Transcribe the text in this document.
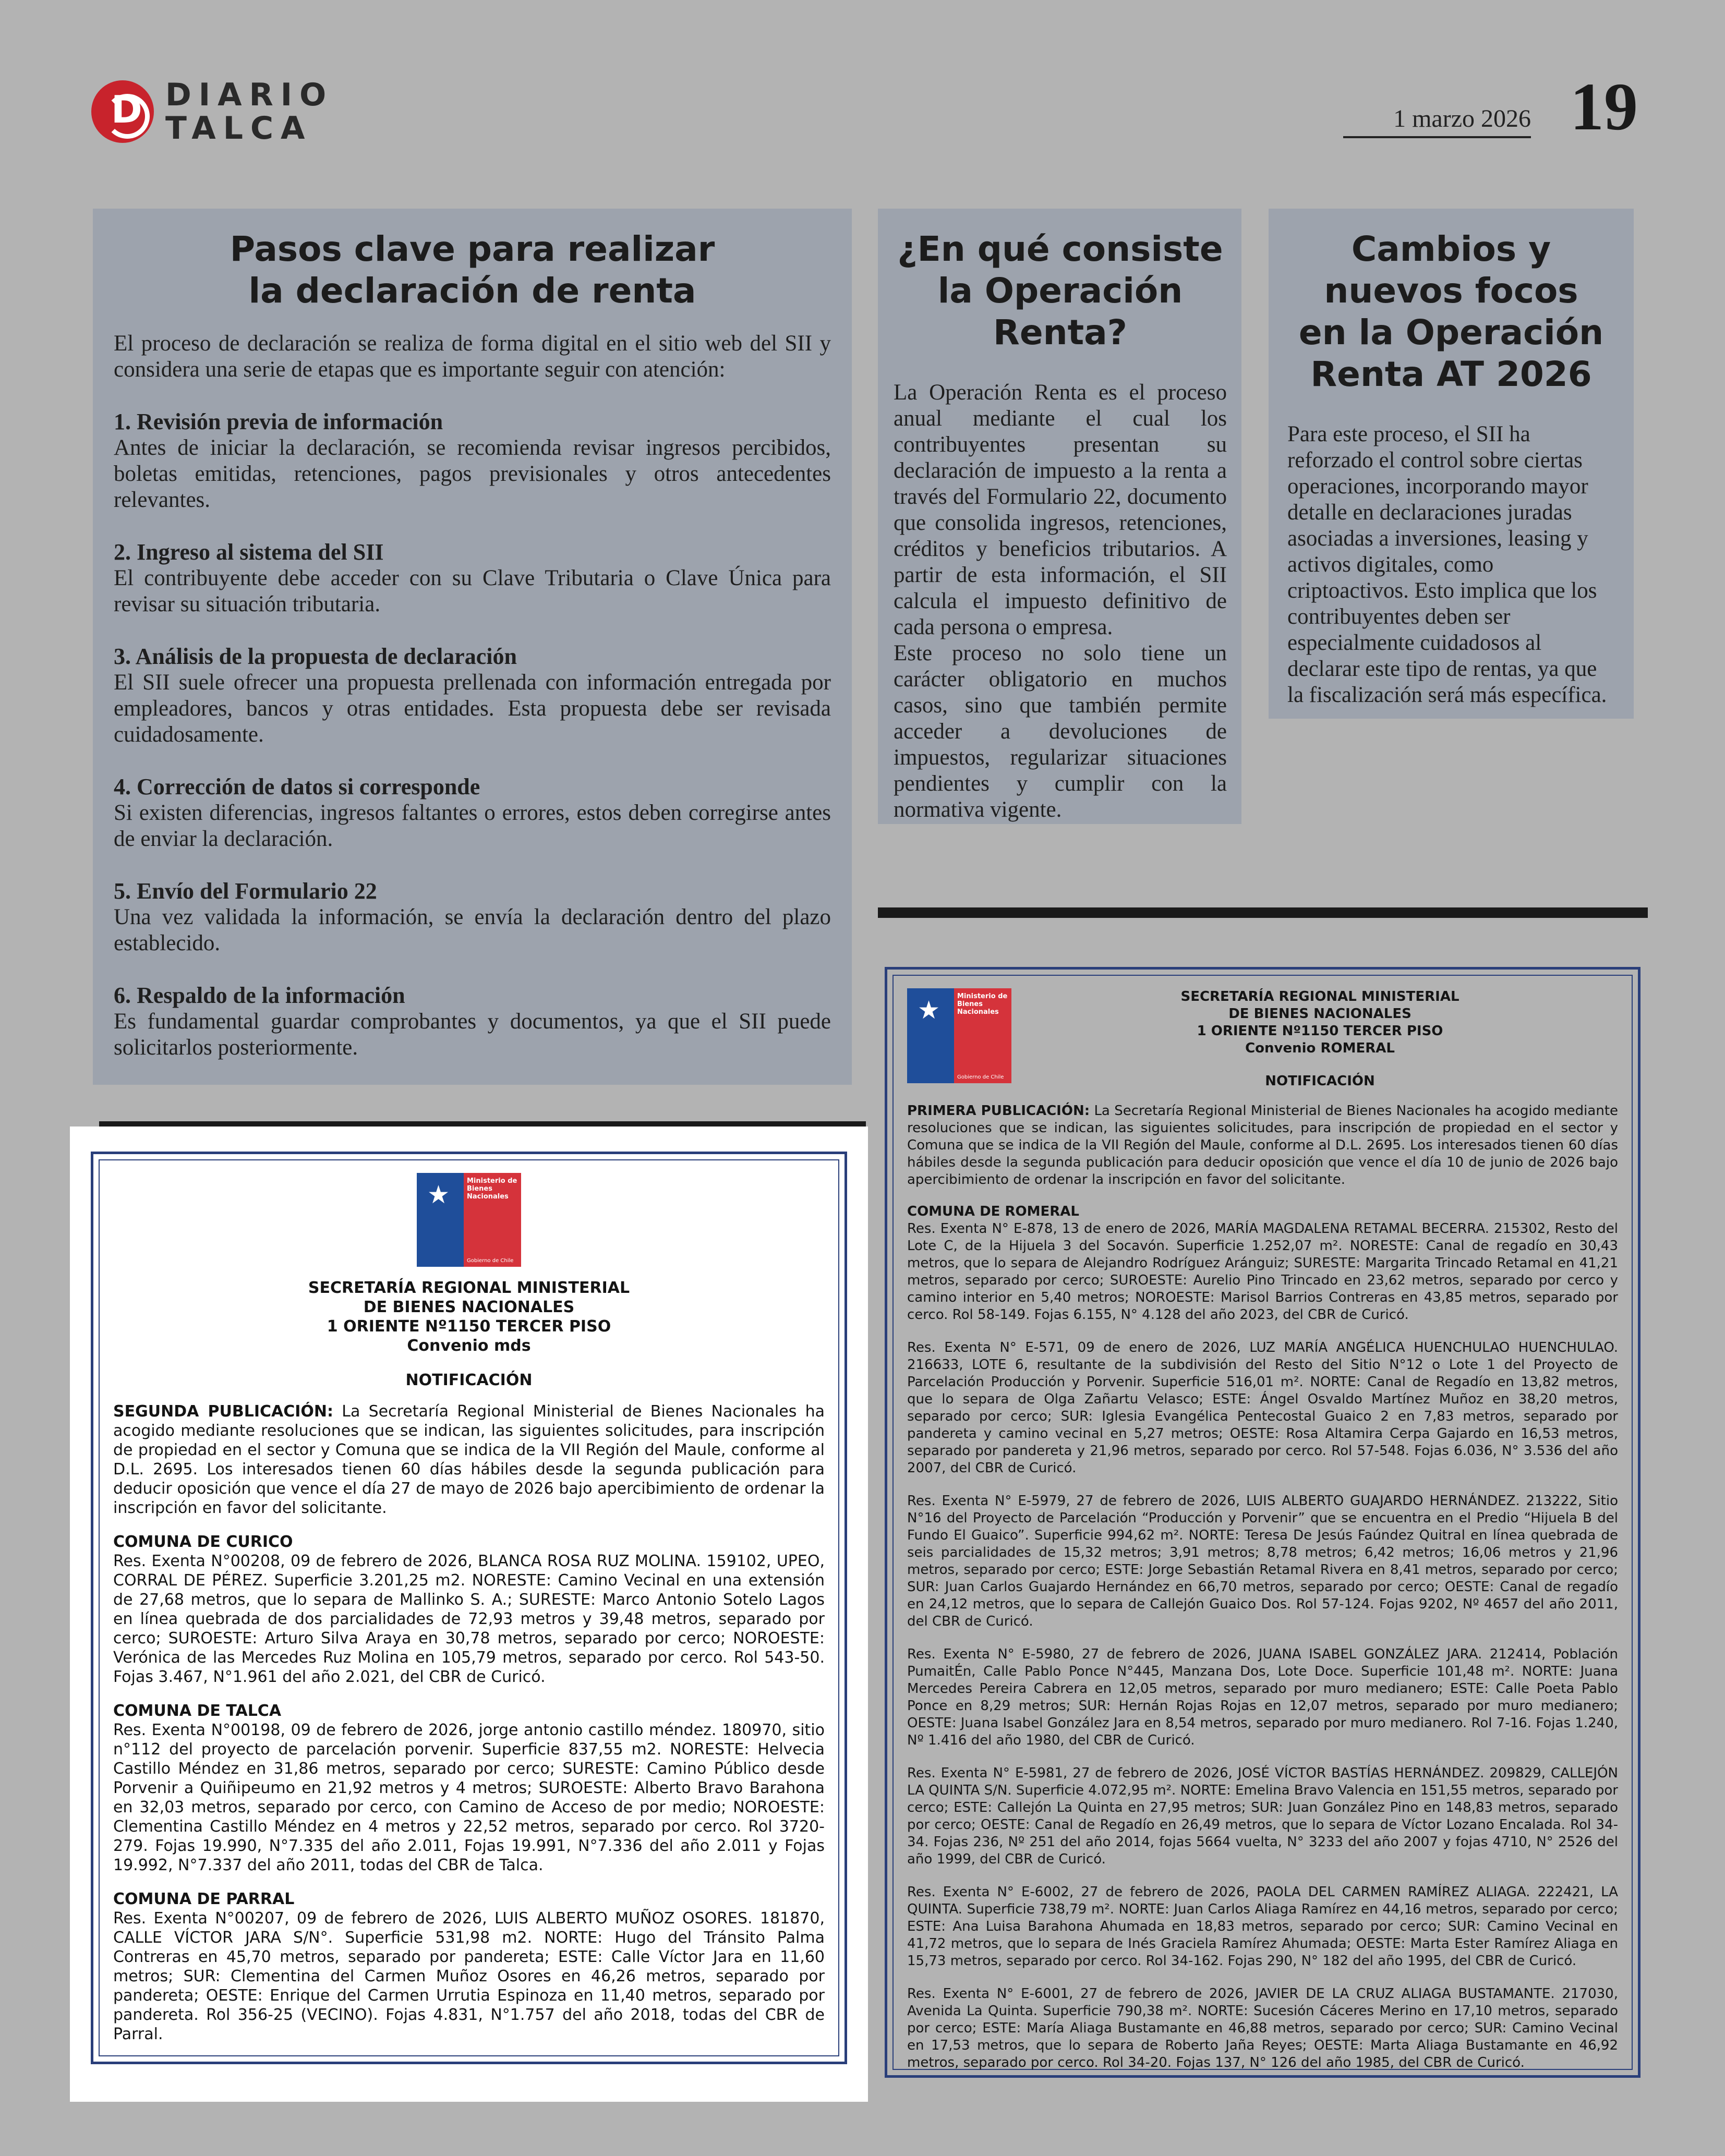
D
DIARIO
TALCA	1 marzo 2026 19
Pasos clave para realizar
la declaración de renta

El proceso de declaración se realiza de forma digital en el sitio web del SII y considera una serie de etapas que es importante seguir con atención:

1. Revisión previa de información

Antes de iniciar la declaración, se recomienda revisar ingresos percibidos, boletas emitidas, retenciones, pagos previsionales y otros antecedentes relevantes.

2. Ingreso al sistema del SII

El contribuyente debe acceder con su Clave Tributaria o Clave Única para revisar su situación tributaria.

3. Análisis de la propuesta de declaración

El SII suele ofrecer una propuesta prellenada con información entregada por empleadores, bancos y otras entidades. Esta propuesta debe ser revisada cuidadosamente.

4. Corrección de datos si corresponde

Si existen diferencias, ingresos faltantes o errores, estos deben corregirse antes de enviar la declaración.

5. Envío del Formulario 22

Una vez validada la información, se envía la declaración dentro del plazo establecido.

6. Respaldo de la información

Es fundamental guardar comprobantes y documentos, ya que el SII puede solicitarlos posteriormente.

¿En qué consiste
la Operación
Renta?

La Operación Renta es el proceso anual mediante el cual los contribuyentes presentan su declaración de impuesto a la renta a través del Formulario 22, documento que consolida ingresos, retenciones, créditos y beneficios tributarios. A partir de esta información, el SII calcula el impuesto definitivo de cada persona o empresa.

Este proceso no solo tiene un carácter obligatorio en muchos casos, sino que también permite acceder a devoluciones de impuestos, regularizar situaciones pendientes y cumplir con la normativa vigente.

Cambios y
nuevos focos
en la Operación
Renta AT 2026

Para este proceso, el SII ha reforzado el control sobre ciertas operaciones, incorporando mayor detalle en declaraciones juradas asociadas a inversiones, leasing y activos digitales, como criptoactivos. Esto implica que los contribuyentes deben ser especialmente cuidadosos al declarar este tipo de rentas, ya que la fiscalización será más específica.

★	Ministerio de
Bienes
Nacionales
Gobierno de Chile
SECRETARÍA REGIONAL MINISTERIAL
DE BIENES NACIONALES
1 ORIENTE Nº1150 TERCER PISO
Convenio mds
NOTIFICACIÓN

SEGUNDA PUBLICACIÓN: La Secretaría Regional Ministerial de Bienes Nacionales ha acogido mediante resoluciones que se indican, las siguientes solicitudes, para inscripción de propiedad en el sector y Comuna que se indica de la VII Región del Maule, conforme al D.L. 2695. Los interesados tienen 60 días hábiles desde la segunda publicación para deducir oposición que vence el día 27 de mayo de 2026 bajo apercibimiento de ordenar la inscripción en favor del solicitante.

COMUNA DE CURICO

Res. Exenta N°00208, 09 de febrero de 2026, BLANCA ROSA RUZ MOLINA. 159102, UPEO, CORRAL DE PÉREZ. Superficie 3.201,25 m2. NORESTE: Camino Vecinal en una extensión de 27,68 metros, que lo separa de Mallinko S. A.; SURESTE: Marco Antonio Sotelo Lagos en línea quebrada de dos parcialidades de 72,93 metros y 39,48 metros, separado por cerco; SUROESTE: Arturo Silva Araya en 30,78 metros, separado por cerco; NOROESTE: Verónica de las Mercedes Ruz Molina en 105,79 metros, separado por cerco. Rol 543-50. Fojas 3.467, N°1.961 del año 2.021, del CBR de Curicó.

COMUNA DE TALCA

Res. Exenta N°00198, 09 de febrero de 2026, jorge antonio castillo méndez. 180970, sitio n°112 del proyecto de parcelación porvenir. Superficie 837,55 m2. NORESTE: Helvecia Castillo Méndez en 31,86 metros, separado por cerco; SURESTE: Camino Público desde Porvenir a Quiñipeumo en 21,92 metros y 4 metros; SUROESTE: Alberto Bravo Barahona en 32,03 metros, separado por cerco, con Camino de Acceso de por medio; NOROESTE: Clementina Castillo Méndez en 4 metros y 22,52 metros, separado por cerco. Rol 3720-279. Fojas 19.990, N°7.335 del año 2.011, Fojas 19.991, N°7.336 del año 2.011 y Fojas 19.992, N°7.337 del año 2011, todas del CBR de Talca.

COMUNA DE PARRAL

Res. Exenta N°00207, 09 de febrero de 2026, LUIS ALBERTO MUÑOZ OSORES. 181870, CALLE VÍCTOR JARA S/N°. Superficie 531,98 m2. NORTE: Hugo del Tránsito Palma Contreras en 45,70 metros, separado por pandereta; ESTE: Calle Víctor Jara en 11,60 metros; SUR: Clementina del Carmen Muñoz Osores en 46,26 metros, separado por pandereta; OESTE: Enrique del Carmen Urrutia Espinoza en 11,40 metros, separado por pandereta. Rol 356-25 (VECINO). Fojas 4.831, N°1.757 del año 2018, todas del CBR de Parral.

★	Ministerio de
Bienes
Nacionales
Gobierno de Chile
SECRETARÍA REGIONAL MINISTERIAL
DE BIENES NACIONALES
1 ORIENTE Nº1150 TERCER PISO
Convenio ROMERAL
NOTIFICACIÓN

PRIMERA PUBLICACIÓN: La Secretaría Regional Ministerial de Bienes Nacionales ha acogido mediante resoluciones que se indican, las siguientes solicitudes, para inscripción de propiedad en el sector y Comuna que se indica de la VII Región del Maule, conforme al D.L. 2695. Los interesados tienen 60 días hábiles desde la segunda publicación para deducir oposición que vence el día 10 de junio de 2026 bajo apercibimiento de ordenar la inscripción en favor del solicitante.

COMUNA DE ROMERAL

Res. Exenta N° E-878, 13 de enero de 2026, MARÍA MAGDALENA RETAMAL BECERRA. 215302, Resto del Lote C, de la Hijuela 3 del Socavón. Superficie 1.252,07 m². NORESTE: Canal de regadío en 30,43 metros, que lo separa de Alejandro Rodríguez Aránguiz; SURESTE: Margarita Trincado Retamal en 41,21 metros, separado por cerco; SUROESTE: Aurelio Pino Trincado en 23,62 metros, separado por cerco y camino interior en 5,40 metros; NOROESTE: Marisol Barrios Contreras en 43,85 metros, separado por cerco. Rol 58-149. Fojas 6.155, N° 4.128 del año 2023, del CBR de Curicó.

Res. Exenta N° E-571, 09 de enero de 2026, LUZ MARÍA ANGÉLICA HUENCHULAO HUENCHULAO. 216633, LOTE 6, resultante de la subdivisión del Resto del Sitio N°12 o Lote 1 del Proyecto de Parcelación Producción y Porvenir. Superficie 516,01 m². NORTE: Canal de Regadío en 13,82 metros, que lo separa de Olga Zañartu Velasco; ESTE: Ángel Osvaldo Martínez Muñoz en 38,20 metros, separado por cerco; SUR: Iglesia Evangélica Pentecostal Guaico 2 en 7,83 metros, separado por pandereta y camino vecinal en 5,27 metros; OESTE: Rosa Altamira Cerpa Gajardo en 16,53 metros, separado por pandereta y 21,96 metros, separado por cerco. Rol 57-548. Fojas 6.036, N° 3.536 del año 2007, del CBR de Curicó.

Res. Exenta N° E-5979, 27 de febrero de 2026, LUIS ALBERTO GUAJARDO HERNÁNDEZ. 213222, Sitio N°16 del Proyecto de Parcelación “Producción y Porvenir” que se encuentra en el Predio “Hijuela B del Fundo El Guaico”. Superficie 994,62 m². NORTE: Teresa De Jesús Faúndez Quitral en línea quebrada de seis parcialidades de 15,32 metros; 3,91 metros; 8,78 metros; 6,42 metros; 16,06 metros y 21,96 metros, separado por cerco; ESTE: Jorge Sebastián Retamal Rivera en 8,41 metros, separado por cerco; SUR: Juan Carlos Guajardo Hernández en 66,70 metros, separado por cerco; OESTE: Canal de regadío en 24,12 metros, que lo separa de Callejón Guaico Dos. Rol 57-124. Fojas 9202, Nº 4657 del año 2011, del CBR de Curicó.

Res. Exenta N° E-5980, 27 de febrero de 2026, JUANA ISABEL GONZÁLEZ JARA. 212414, Población PumaitÉn, Calle Pablo Ponce N°445, Manzana Dos, Lote Doce. Superficie 101,48 m². NORTE: Juana Mercedes Pereira Cabrera en 12,05 metros, separado por muro medianero; ESTE: Calle Poeta Pablo Ponce en 8,29 metros; SUR: Hernán Rojas Rojas en 12,07 metros, separado por muro medianero; OESTE: Juana Isabel González Jara en 8,54 metros, separado por muro medianero. Rol 7-16. Fojas 1.240, Nº 1.416 del año 1980, del CBR de Curicó.

Res. Exenta N° E-5981, 27 de febrero de 2026, JOSÉ VÍCTOR BASTÍAS HERNÁNDEZ. 209829, CALLEJÓN LA QUINTA S/N. Superficie 4.072,95 m². NORTE: Emelina Bravo Valencia en 151,55 metros, separado por cerco; ESTE: Callejón La Quinta en 27,95 metros; SUR: Juan González Pino en 148,83 metros, separado por cerco; OESTE: Canal de Regadío en 26,49 metros, que lo separa de Víctor Lozano Encalada. Rol 34-34. Fojas 236, Nº 251 del año 2014, fojas 5664 vuelta, N° 3233 del año 2007 y fojas 4710, N° 2526 del año 1999, del CBR de Curicó.

Res. Exenta N° E-6002, 27 de febrero de 2026, PAOLA DEL CARMEN RAMÍREZ ALIAGA. 222421, LA QUINTA. Superficie 738,79 m². NORTE: Juan Carlos Aliaga Ramírez en 44,16 metros, separado por cerco; ESTE: Ana Luisa Barahona Ahumada en 18,83 metros, separado por cerco; SUR: Camino Vecinal en 41,72 metros, que lo separa de Inés Graciela Ramírez Ahumada; OESTE: Marta Ester Ramírez Aliaga en 15,73 metros, separado por cerco. Rol 34-162. Fojas 290, N° 182 del año 1995, del CBR de Curicó.

Res. Exenta N° E-6001, 27 de febrero de 2026, JAVIER DE LA CRUZ ALIAGA BUSTAMANTE. 217030, Avenida La Quinta. Superficie 790,38 m². NORTE: Sucesión Cáceres Merino en 17,10 metros, separado por cerco; ESTE: María Aliaga Bustamante en 46,88 metros, separado por cerco; SUR: Camino Vecinal en 17,53 metros, que lo separa de Roberto Jaña Reyes; OESTE: Marta Aliaga Bustamante en 46,92 metros, separado por cerco. Rol 34-20. Fojas 137, N° 126 del año 1985, del CBR de Curicó.
